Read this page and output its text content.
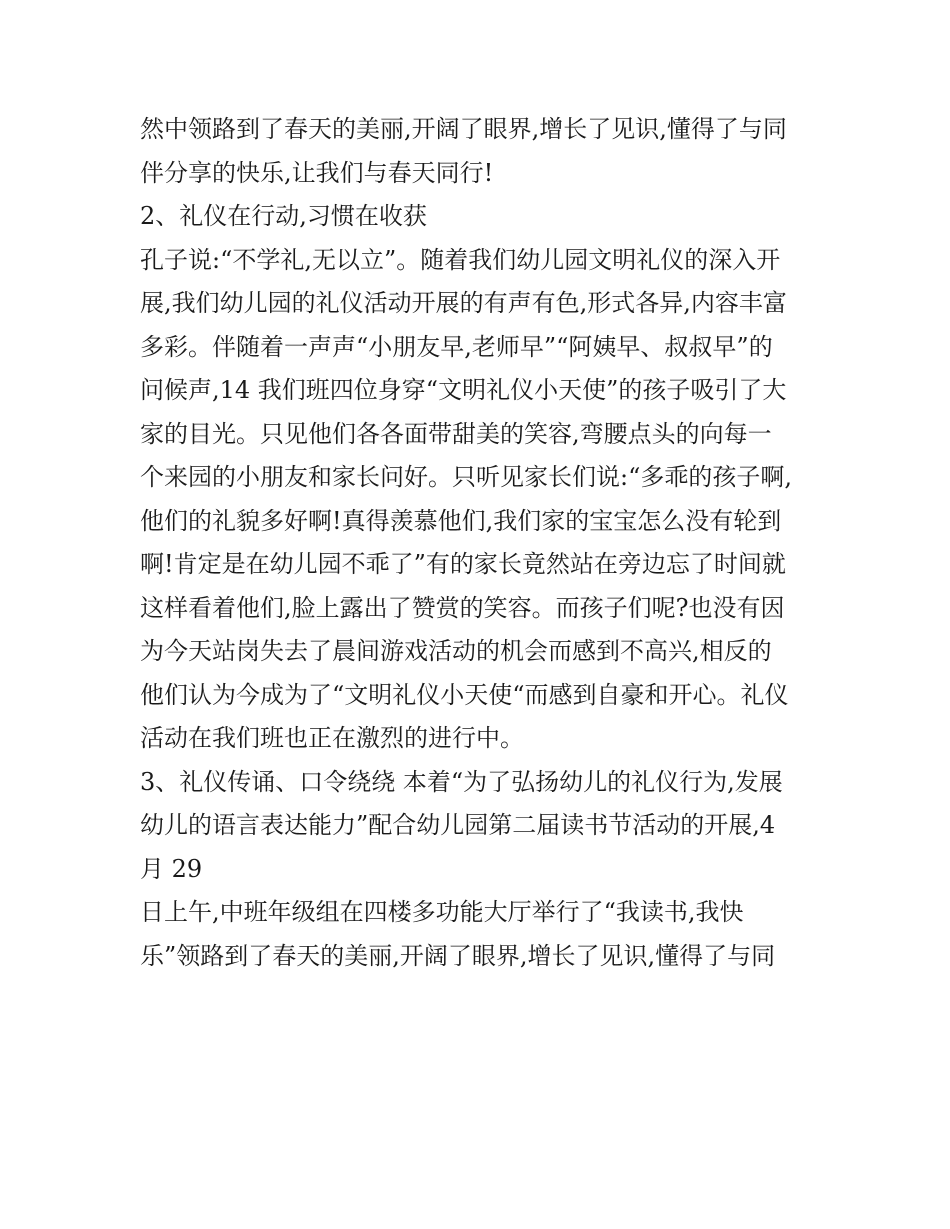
然中领路到了春天的美丽,开阔了眼界,增长了见识,懂得了与同
伴分享的快乐,让我们与春天同行!
2、礼仪在行动,习惯在收获
孔子说:“不学礼,无以立”。随着我们幼儿园文明礼仪的深入开
展,我们幼儿园的礼仪活动开展的有声有色,形式各异,内容丰富
多彩。伴随着一声声“小朋友早,老师早”“阿姨早、叔叔早”的
问候声,14 我们班四位身穿“文明礼仪小天使”的孩子吸引了大
家的目光。只见他们各各面带甜美的笑容,弯腰点头的向每一
个来园的小朋友和家长问好。只听见家长们说:“多乖的孩子啊,
他们的礼貌多好啊!真得羡慕他们,我们家的宝宝怎么没有轮到
啊!肯定是在幼儿园不乖了”有的家长竟然站在旁边忘了时间就
这样看着他们,脸上露出了赞赏的笑容。而孩子们呢?也没有因
为今天站岗失去了晨间游戏活动的机会而感到不高兴,相反的
他们认为今成为了“文明礼仪小天使“而感到自豪和开心。礼仪
活动在我们班也正在激烈的进行中。
3、礼仪传诵、口令绕绕 本着“为了弘扬幼儿的礼仪行为,发展
幼儿的语言表达能力”配合幼儿园第二届读书节活动的开展,4
月 29
日上午,中班年级组在四楼多功能大厅举行了“我读书,我快
乐”领路到了春天的美丽,开阔了眼界,增长了见识,懂得了与同
